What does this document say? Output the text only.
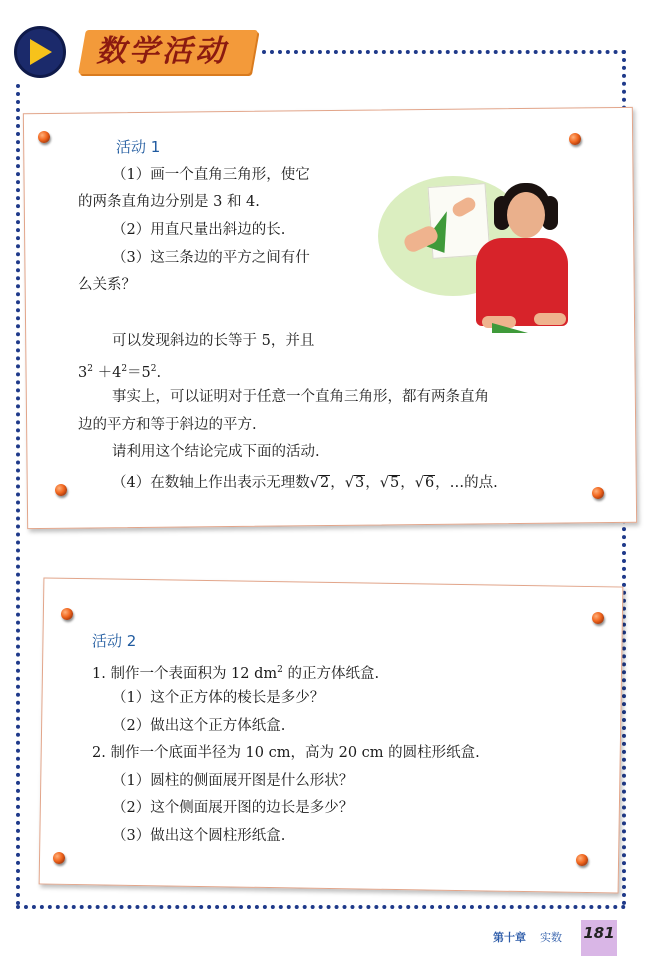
数学活动
活动 1
（1）画一个直角三角形，使它
的两条直角边分别是 3 和 4.
（2）用直尺量出斜边的长.
（3）这三条边的平方之间有什
么关系？
可以发现斜边的长等于 5，并且
$3^2 +4^2=5^2$.
事实上，可以证明对于任意一个直角三角形，都有两条直角
边的平方和等于斜边的平方.
请利用这个结论完成下面的活动.
（4）在数轴上作出表示无理数√2，√3，√5，√6，…的点.
活动 2
1. 制作一个表面积为 12 $dm^2$ 的正方体纸盒.
（1）这个正方体的棱长是多少？
（2）做出这个正方体纸盒.
2. 制作一个底面半径为 10 cm，高为 20 cm 的圆柱形纸盒.
（1）圆柱的侧面展开图是什么形状？
（2）这个侧面展开图的边长是多少？
（3）做出这个圆柱形纸盒.
第十章 实数 181
